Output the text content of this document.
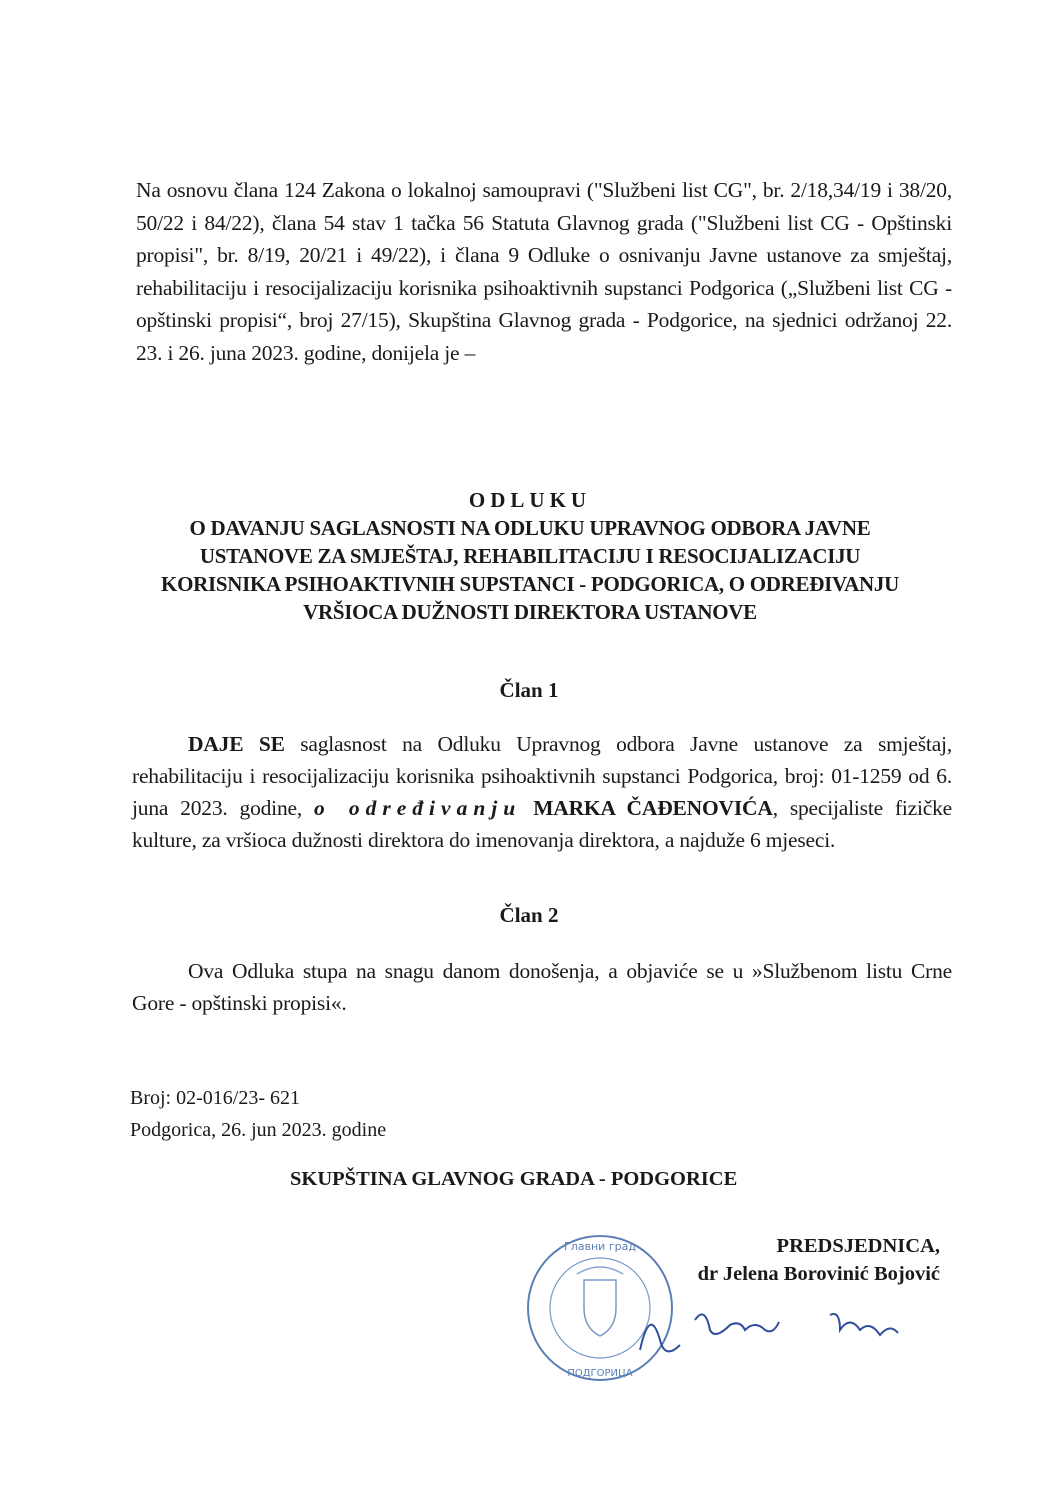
Na osnovu člana 124 Zakona o lokalnoj samoupravi ("Službeni list CG", br. 2/18,34/19 i 38/20, 50/22 i 84/22), člana 54 stav 1 tačka 56 Statuta Glavnog grada ("Službeni list CG - Opštinski propisi", br. 8/19, 20/21 i 49/22), i člana 9 Odluke o osnivanju Javne ustanove za smještaj, rehabilitaciju i resocijalizaciju korisnika psihoaktivnih supstanci Podgorica („Službeni list CG - opštinski propisi“, broj 27/15), Skupština Glavnog grada - Podgorice, na sjednici održanoj 22. 23. i 26. juna 2023. godine, donijela je –
ODLUKU
O DAVANJU SAGLASNOSTI NA ODLUKU UPRAVNOG ODBORA JAVNE
USTANOVE ZA SMJEŠTAJ, REHABILITACIJU I RESOCIJALIZACIJU
KORISNIKA PSIHOAKTIVNIH SUPSTANCI - PODGORICA, O ODREĐIVANJU
VRŠIOCA DUŽNOSTI DIREKTORA USTANOVE
Član 1
DAJE SE saglasnost na Odluku Upravnog odbora Javne ustanove za smještaj, rehabilitaciju i resocijalizaciju korisnika psihoaktivnih supstanci Podgorica, broj: 01-1259 od 6. juna 2023. godine, o određivanju MARKA ČAĐENOVIĆA, specijaliste fizičke kulture, za vršioca dužnosti direktora do imenovanja direktora, a najduže 6 mjeseci.
Član 2
Ova Odluka stupa na snagu danom donošenja, a objaviće se u »Službenom listu Crne Gore - opštinski propisi«.
Broj: 02-016/23- 621
Podgorica, 26. jun 2023. godine
SKUPŠTINA GLAVNOG GRADA - PODGORICE
Главни град
ПОДГОРИЦА
PREDSJEDNICA,
dr Jelena Borovinić Bojović
